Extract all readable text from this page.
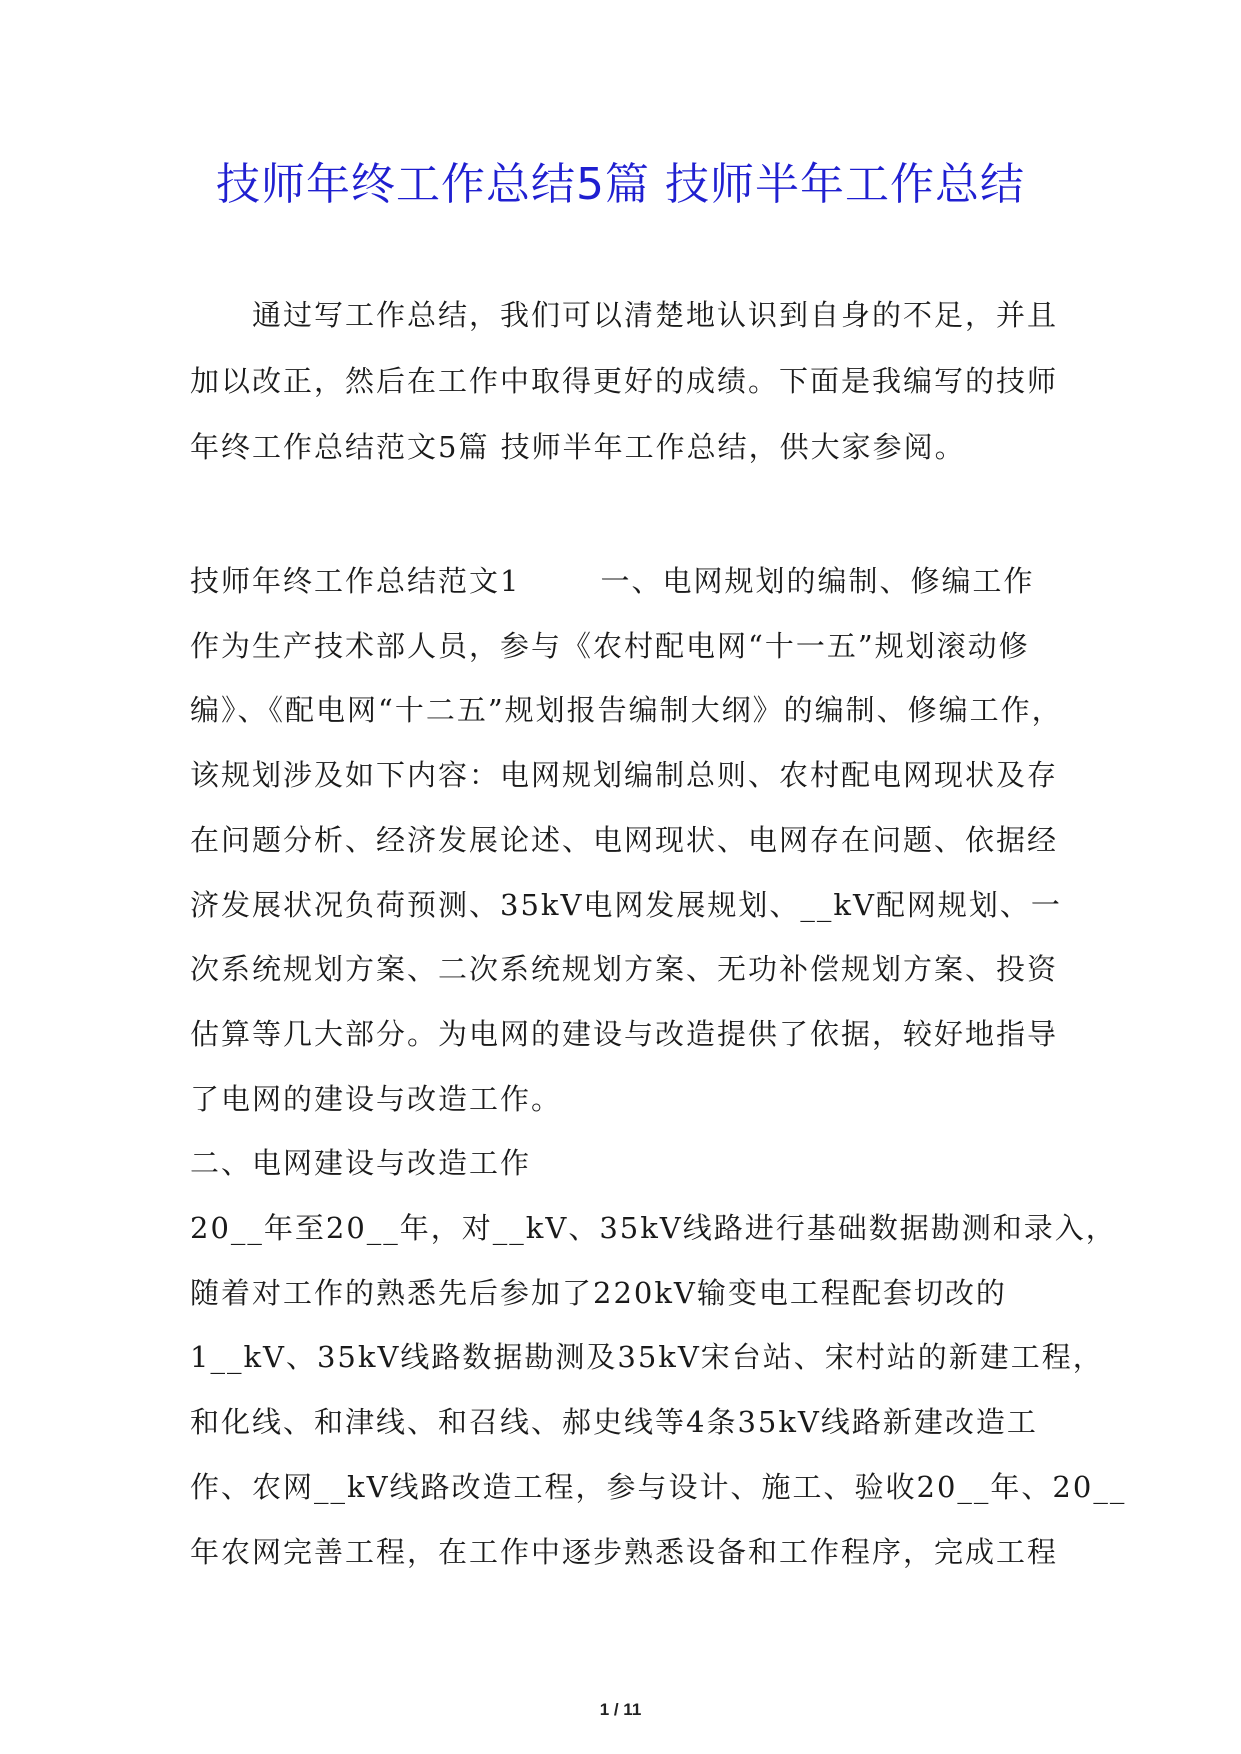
技师年终工作总结5篇 技师半年工作总结
通过写工作总结，我们可以清楚地认识到自身的不足，并且
加以改正，然后在工作中取得更好的成绩。下面是我编写的技师
年终工作总结范文5篇 技师半年工作总结，供大家参阅。
技师年终工作总结范文1	一、电网规划的编制、修编工作
作为生产技术部人员，参与《农村配电网“十一五”规划滚动修
编》、《配电网“十二五”规划报告编制大纲》的编制、修编工作，
该规划涉及如下内容：电网规划编制总则、农村配电网现状及存
在问题分析、经济发展论述、电网现状、电网存在问题、依据经
济发展状况负荷预测、35kV电网发展规划、__kV配网规划、一
次系统规划方案、二次系统规划方案、无功补偿规划方案、投资
估算等几大部分。为电网的建设与改造提供了依据，较好地指导
了电网的建设与改造工作。
二、电网建设与改造工作
20__年至20__年，对__kV、35kV线路进行基础数据勘测和录入，
随着对工作的熟悉先后参加了220kV输变电工程配套切改的
1__kV、35kV线路数据勘测及35kV宋台站、宋村站的新建工程，
和化线、和津线、和召线、郝史线等4条35kV线路新建改造工
作、农网__kV线路改造工程，参与设计、施工、验收20__年、20__
年农网完善工程，在工作中逐步熟悉设备和工作程序，完成工程
1 / 11
